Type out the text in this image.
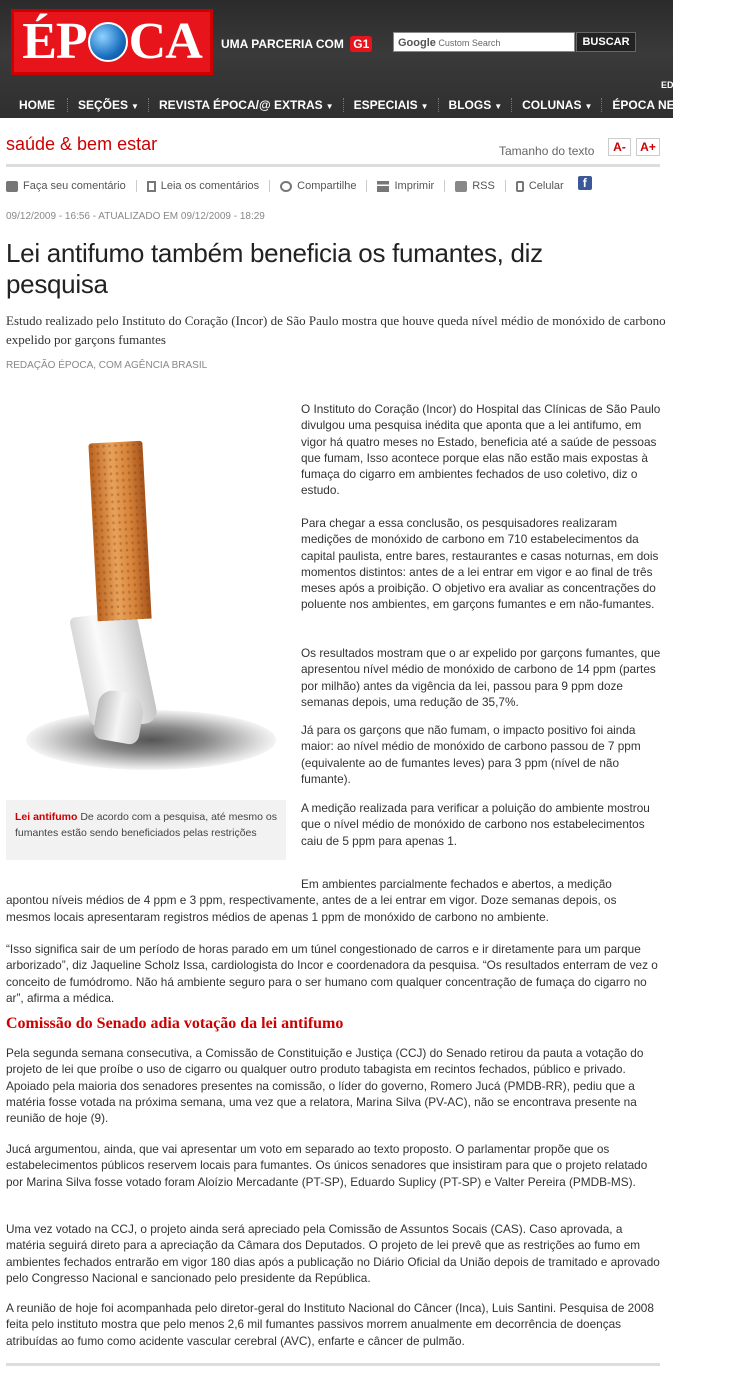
ÉP CA UMA PARCERIA COM G1	Google Custom Search	BUSCAR
ED
HOME	SEÇÕES ▼	REVISTA ÉPOCA/@ EXTRAS ▼	ESPECIAIS ▼	BLOGS ▼	COLUNAS ▼	ÉPOCA NEGÓCIOS
saúde & bem estar	Tamanho do texto	A-	A+
Faça seu comentário	Leia os comentários	Compartilhe	Imprimir	RSS	Celular	f
09/12/2009 - 16:56 - ATUALIZADO EM 09/12/2009 - 18:29
Lei antifumo também beneficia os fumantes, diz pesquisa
Estudo realizado pelo Instituto do Coração (Incor) de São Paulo mostra que houve queda nível médio de monóxido de carbono expelido por garçons fumantes
REDAÇÃO ÉPOCA, COM AGÊNCIA BRASIL
Lei antifumo De acordo com a pesquisa, até mesmo os fumantes estão sendo beneficiados pelas restrições
O Instituto do Coração (Incor) do Hospital das Clínicas de São Paulo divulgou uma pesquisa inédita que aponta que a lei antifumo, em vigor há quatro meses no Estado, beneficia até a saúde de pessoas que fumam, Isso acontece porque elas não estão mais expostas à fumaça do cigarro em ambientes fechados de uso coletivo, diz o estudo.
Para chegar a essa conclusão, os pesquisadores realizaram medições de monóxido de carbono em 710 estabelecimentos da capital paulista, entre bares, restaurantes e casas noturnas, em dois momentos distintos: antes de a lei entrar em vigor e ao final de três meses após a proibição. O objetivo era avaliar as concentrações do poluente nos ambientes, em garçons fumantes e em não-fumantes.
Os resultados mostram que o ar expelido por garçons fumantes, que apresentou nível médio de monóxido de carbono de 14 ppm (partes por milhão) antes da vigência da lei, passou para 9 ppm doze semanas depois, uma redução de 35,7%.
Já para os garçons que não fumam, o impacto positivo foi ainda maior: ao nível médio de monóxido de carbono passou de 7 ppm (equivalente ao de fumantes leves) para 3 ppm (nível de não fumante).
A medição realizada para verificar a poluição do ambiente mostrou que o nível médio de monóxido de carbono nos estabelecimentos caiu de 5 ppm para apenas 1.
Em ambientes parcialmente fechados e abertos, a medição
apontou níveis médios de 4 ppm e 3 ppm, respectivamente, antes de a lei entrar em vigor. Doze semanas depois, os mesmos locais apresentaram registros médios de apenas 1 ppm de monóxido de carbono no ambiente.
“Isso significa sair de um período de horas parado em um túnel congestionado de carros e ir diretamente para um parque arborizado”, diz Jaqueline Scholz Issa, cardiologista do Incor e coordenadora da pesquisa. “Os resultados enterram de vez o conceito de fumódromo. Não há ambiente seguro para o ser humano com qualquer concentração de fumaça do cigarro no ar”, afirma a médica.
Comissão do Senado adia votação da lei antifumo
Pela segunda semana consecutiva, a Comissão de Constituição e Justiça (CCJ) do Senado retirou da pauta a votação do projeto de lei que proíbe o uso de cigarro ou qualquer outro produto tabagista em recintos fechados, público e privado. Apoiado pela maioria dos senadores presentes na comissão, o líder do governo, Romero Jucá (PMDB-RR), pediu que a matéria fosse votada na próxima semana, uma vez que a relatora, Marina Silva (PV-AC), não se encontrava presente na reunião de hoje (9).
Jucá argumentou, ainda, que vai apresentar um voto em separado ao texto proposto. O parlamentar propõe que os estabelecimentos públicos reservem locais para fumantes. Os únicos senadores que insistiram para que o projeto relatado por Marina Silva fosse votado foram Aloízio Mercadante (PT-SP), Eduardo Suplicy (PT-SP) e Valter Pereira (PMDB-MS).
Uma vez votado na CCJ, o projeto ainda será apreciado pela Comissão de Assuntos Socais (CAS). Caso aprovada, a matéria seguirá direto para a apreciação da Câmara dos Deputados. O projeto de lei prevê que as restrições ao fumo em ambientes fechados entrarão em vigor 180 dias após a publicação no Diário Oficial da União depois de tramitado e aprovado pelo Congresso Nacional e sancionado pelo presidente da República.
A reunião de hoje foi acompanhada pelo diretor-geral do Instituto Nacional do Câncer (Inca), Luis Santini. Pesquisa de 2008 feita pelo instituto mostra que pelo menos 2,6 mil fumantes passivos morrem anualmente em decorrência de doenças atribuídas ao fumo como acidente vascular cerebral (AVC), enfarte e câncer de pulmão.
